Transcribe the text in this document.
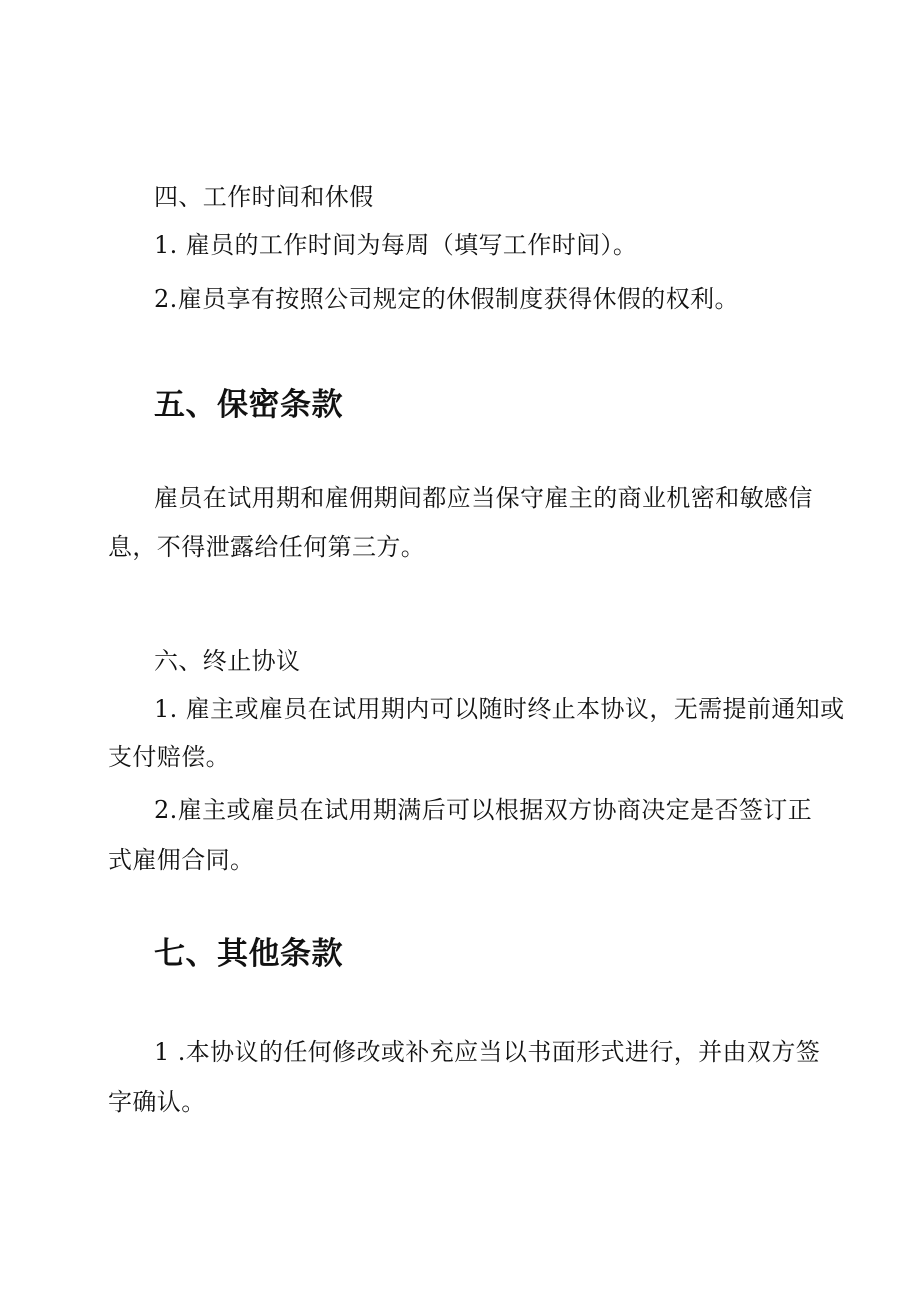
四、工作时间和休假
1. 雇员的工作时间为每周（填写工作时间）。
2.雇员享有按照公司规定的休假制度获得休假的权利。
五、保密条款
雇员在试用期和雇佣期间都应当保守雇主的商业机密和敏感信
息，不得泄露给任何第三方。
六、终止协议
1. 雇主或雇员在试用期内可以随时终止本协议，无需提前通知或
支付赔偿。
2.雇主或雇员在试用期满后可以根据双方协商决定是否签订正
式雇佣合同。
七、其他条款
1 .本协议的任何修改或补充应当以书面形式进行，并由双方签
字确认。
